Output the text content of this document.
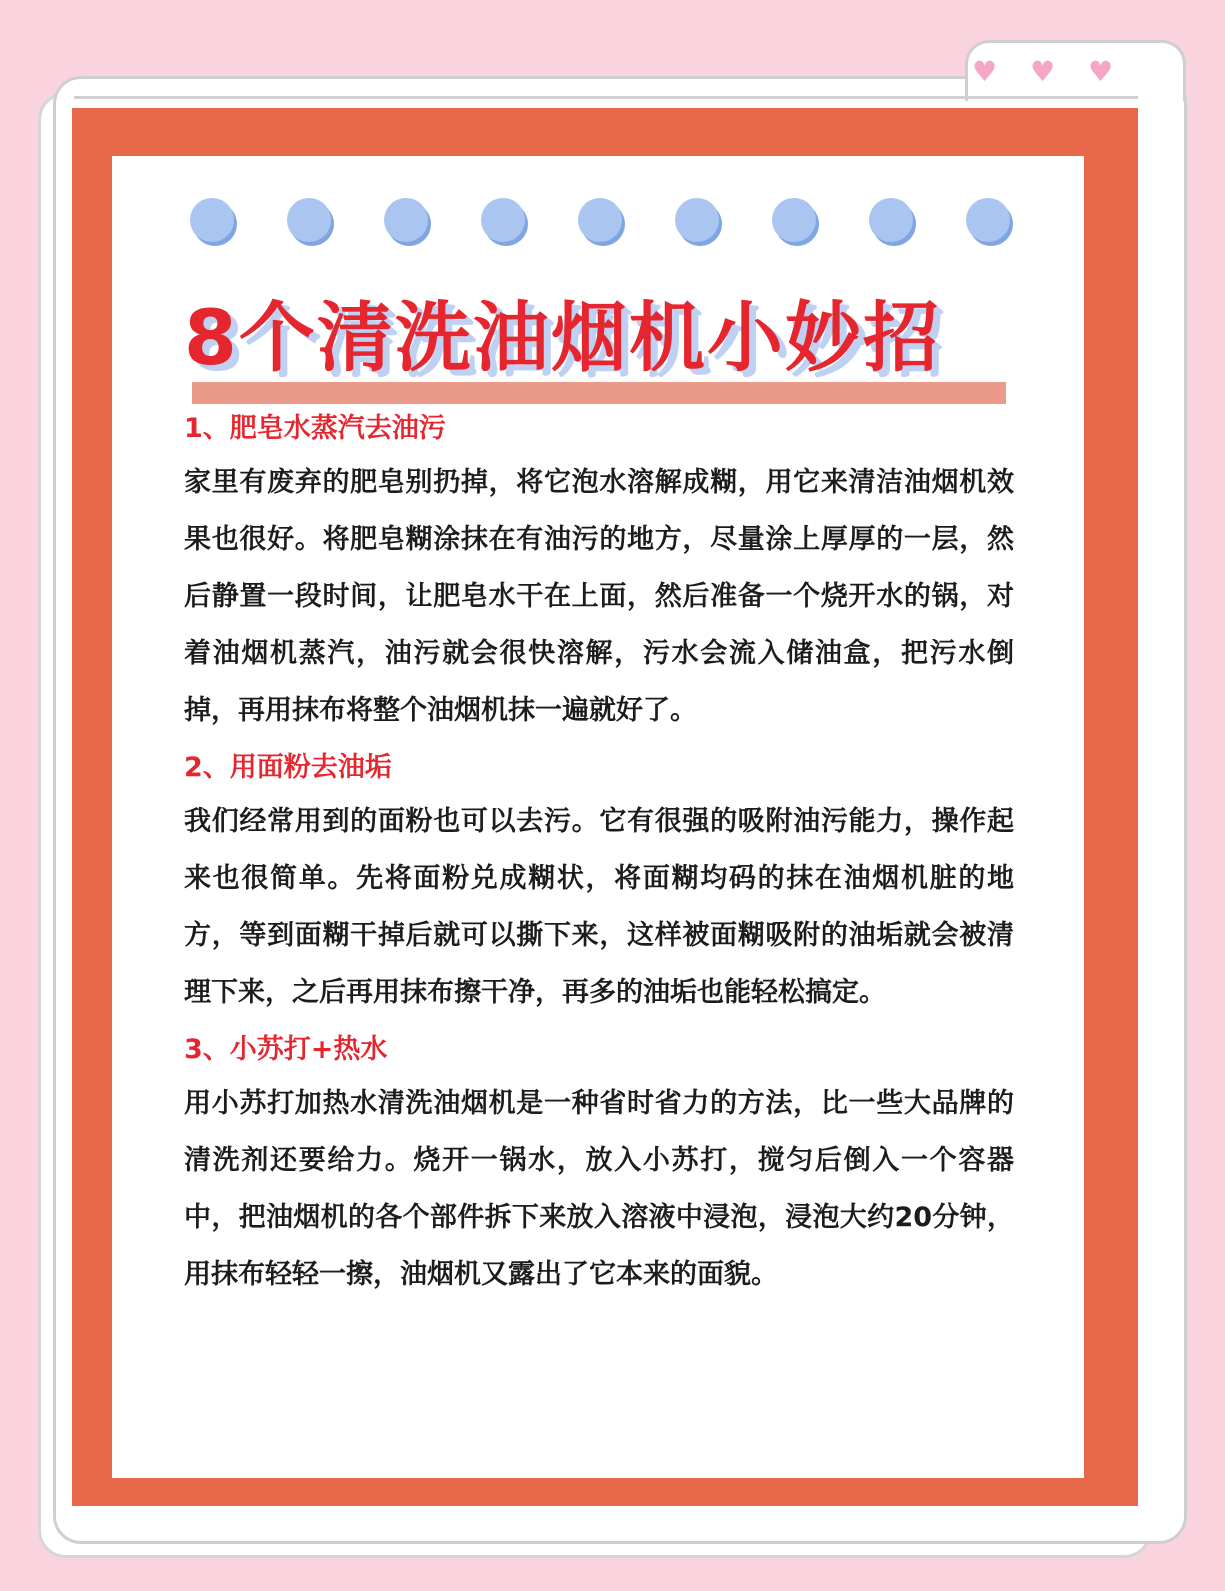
♥ ♥ ♥
8个清洗油烟机小妙招

1、肥皂水蒸汽去油污

家里有废弃的肥皂别扔掉，将它泡水溶解成糊，用它来清洁油烟机效果也很好。将肥皂糊涂抹在有油污的地方，尽量涂上厚厚的一层，然后静置一段时间，让肥皂水干在上面，然后准备一个烧开水的锅，对着油烟机蒸汽，油污就会很快溶解，污水会流入储油盒，把污水倒掉，再用抹布将整个油烟机抹一遍就好了。

2、用面粉去油垢

我们经常用到的面粉也可以去污。它有很强的吸附油污能力，操作起来也很简单。先将面粉兑成糊状，将面糊均码的抹在油烟机脏的地方，等到面糊干掉后就可以撕下来，这样被面糊吸附的油垢就会被清理下来，之后再用抹布擦干净，再多的油垢也能轻松搞定。

3、小苏打+热水

用小苏打加热水清洗油烟机是一种省时省力的方法，比一些大品牌的清洗剂还要给力。烧开一锅水，放入小苏打，搅匀后倒入一个容器中，把油烟机的各个部件拆下来放入溶液中浸泡，浸泡大约20分钟，用抹布轻轻一擦，油烟机又露出了它本来的面貌。
